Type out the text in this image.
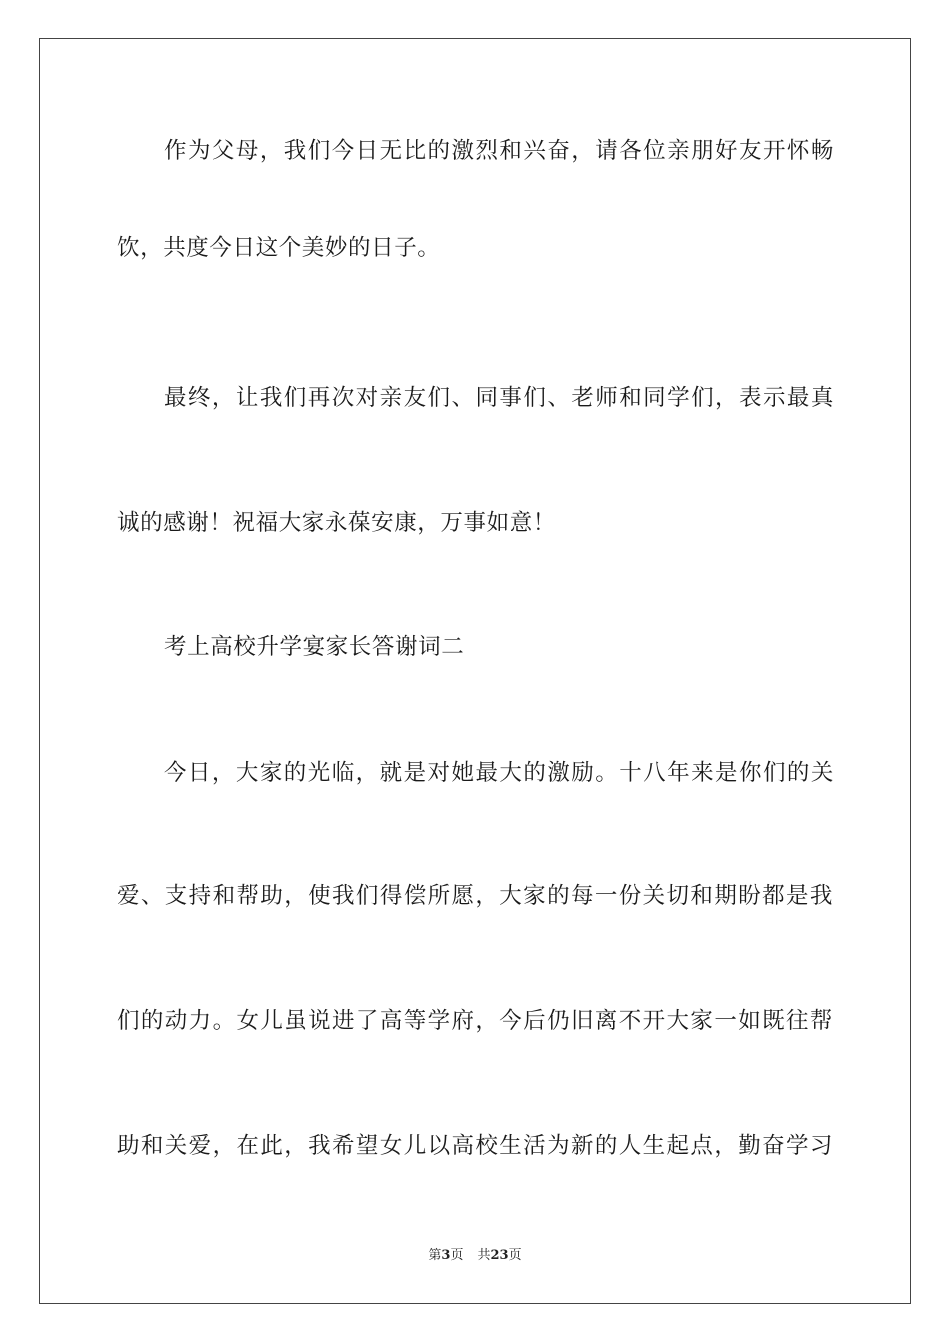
作为父母，我们今日无比的激烈和兴奋，请各位亲朋好友开怀畅
饮，共度今日这个美妙的日子。
最终，让我们再次对亲友们、同事们、老师和同学们，表示最真
诚的感谢！祝福大家永葆安康，万事如意！
考上高校升学宴家长答谢词二
今日，大家的光临，就是对她最大的激励。十八年来是你们的关
爱、支持和帮助，使我们得偿所愿，大家的每一份关切和期盼都是我
们的动力。女儿虽说进了高等学府，今后仍旧离不开大家一如既往帮
助和关爱，在此，我希望女儿以高校生活为新的人生起点，勤奋学习
第3页 共23页
